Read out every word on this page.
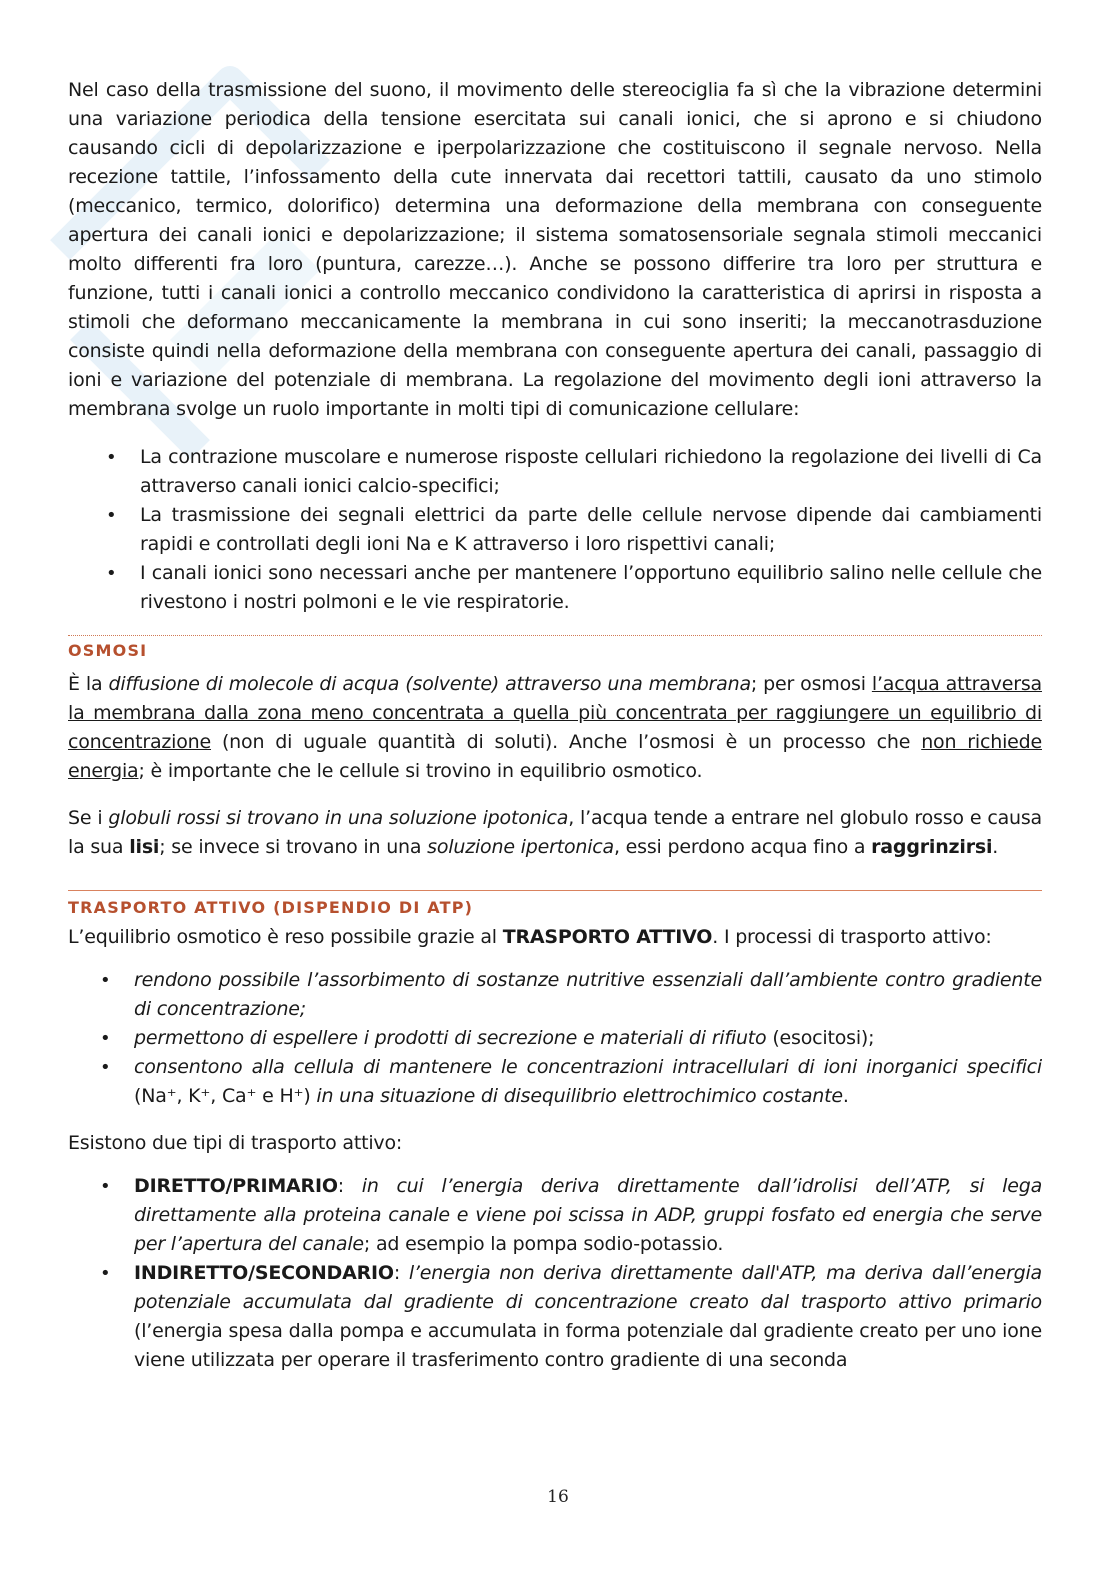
Nel caso della trasmissione del suono, il movimento delle stereociglia fa sì che la vibrazione determini una variazione periodica della tensione esercitata sui canali ionici, che si aprono e si chiudono causando cicli di depolarizzazione e iperpolarizzazione che costituiscono il segnale nervoso. Nella recezione tattile, l’infossamento della cute innervata dai recettori tattili, causato da uno stimolo (meccanico, termico, dolorifico) determina una deformazione della membrana con conseguente apertura dei canali ionici e depolarizzazione; il sistema somatosensoriale segnala stimoli meccanici molto differenti fra loro (puntura, carezze…). Anche se possono differire tra loro per struttura e funzione, tutti i canali ionici a controllo meccanico condividono la caratteristica di aprirsi in risposta a stimoli che deformano meccanicamente la membrana in cui sono inseriti; la meccanotrasduzione consiste quindi nella deformazione della membrana con conseguente apertura dei canali, passaggio di ioni e variazione del potenziale di membrana. La regolazione del movimento degli ioni attraverso la membrana svolge un ruolo importante in molti tipi di comunicazione cellulare:

• La contrazione muscolare e numerose risposte cellulari richiedono la regolazione dei livelli di Ca attraverso canali ionici calcio-specifici;
• La trasmissione dei segnali elettrici da parte delle cellule nervose dipende dai cambiamenti rapidi e controllati degli ioni Na e K attraverso i loro rispettivi canali;
• I canali ionici sono necessari anche per mantenere l’opportuno equilibrio salino nelle cellule che rivestono i nostri polmoni e le vie respiratorie.
OSMOSI

È la diffusione di molecole di acqua (solvente) attraverso una membrana; per osmosi l’acqua attraversa la membrana dalla zona meno concentrata a quella più concentrata per raggiungere un equilibrio di concentrazione (non di uguale quantità di soluti). Anche l’osmosi è un processo che non richiede energia; è importante che le cellule si trovino in equilibrio osmotico.

Se i globuli rossi si trovano in una soluzione ipotonica, l’acqua tende a entrare nel globulo rosso e causa la sua lisi; se invece si trovano in una soluzione ipertonica, essi perdono acqua fino a raggrinzirsi.

TRASPORTO ATTIVO (DISPENDIO DI ATP)

L’equilibrio osmotico è reso possibile grazie al TRASPORTO ATTIVO. I processi di trasporto attivo:

• rendono possibile l’assorbimento di sostanze nutritive essenziali dall’ambiente contro gradiente di concentrazione;
• permettono di espellere i prodotti di secrezione e materiali di rifiuto (esocitosi);
• consentono alla cellula di mantenere le concentrazioni intracellulari di ioni inorganici specifici (Na⁺, K⁺, Ca⁺ e H⁺) in una situazione di disequilibrio elettrochimico costante.

Esistono due tipi di trasporto attivo:

• DIRETTO/PRIMARIO: in cui l’energia deriva direttamente dall’idrolisi dell’ATP, si lega direttamente alla proteina canale e viene poi scissa in ADP, gruppi fosfato ed energia che serve per l’apertura del canale; ad esempio la pompa sodio-potassio.
• INDIRETTO/SECONDARIO: l’energia non deriva direttamente dall'ATP, ma deriva dall’energia potenziale accumulata dal gradiente di concentrazione creato dal trasporto attivo primario (l’energia spesa dalla pompa e accumulata in forma potenziale dal gradiente creato per uno ione viene utilizzata per operare il trasferimento contro gradiente di una seconda
16
